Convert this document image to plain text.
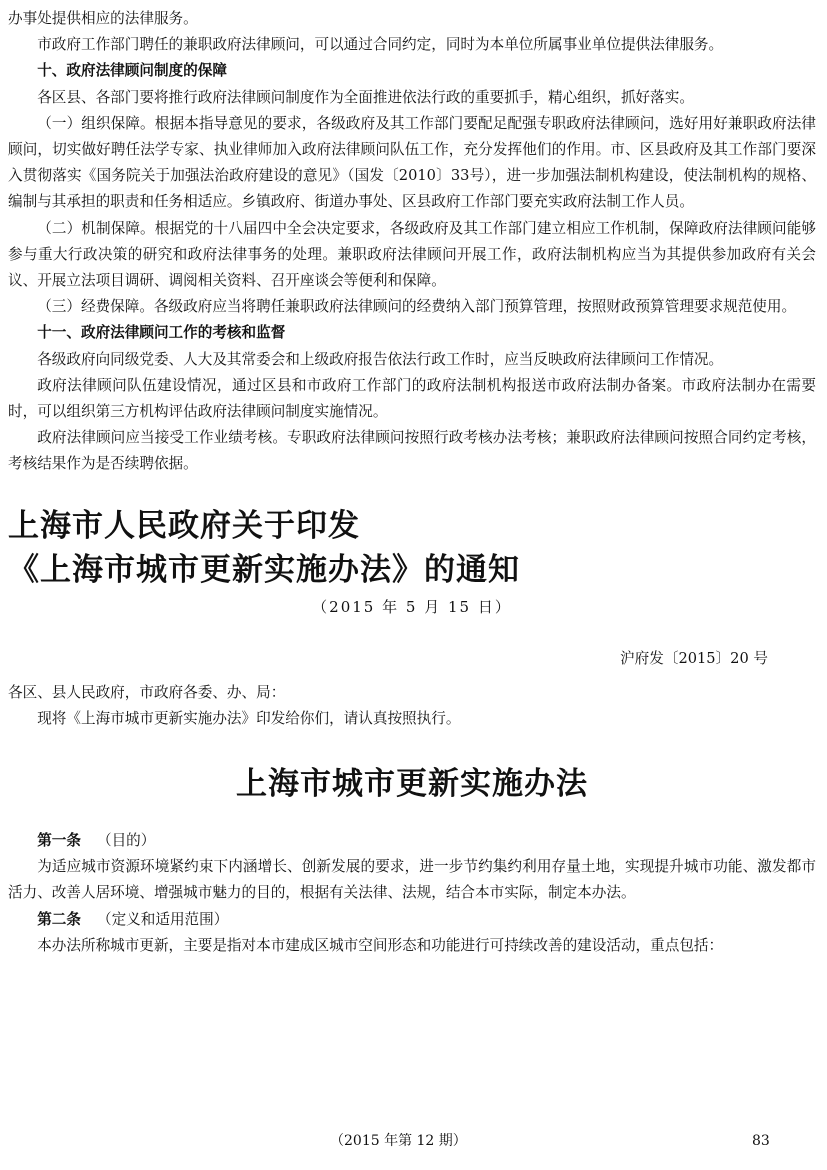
办事处提供相应的法律服务。

市政府工作部门聘任的兼职政府法律顾问，可以通过合同约定，同时为本单位所属事业单位提供法律服务。

十、政府法律顾问制度的保障

各区县、各部门要将推行政府法律顾问制度作为全面推进依法行政的重要抓手，精心组织，抓好落实。

（一）组织保障。根据本指导意见的要求，各级政府及其工作部门要配足配强专职政府法律顾问，选好用好兼职政府法律顾问，切实做好聘任法学专家、执业律师加入政府法律顾问队伍工作，充分发挥他们的作用。市、区县政府及其工作部门要深入贯彻落实《国务院关于加强法治政府建设的意见》（国发〔2010〕33号），进一步加强法制机构建设，使法制机构的规格、编制与其承担的职责和任务相适应。乡镇政府、街道办事处、区县政府工作部门要充实政府法制工作人员。

（二）机制保障。根据党的十八届四中全会决定要求，各级政府及其工作部门建立相应工作机制，保障政府法律顾问能够参与重大行政决策的研究和政府法律事务的处理。兼职政府法律顾问开展工作，政府法制机构应当为其提供参加政府有关会议、开展立法项目调研、调阅相关资料、召开座谈会等便利和保障。

（三）经费保障。各级政府应当将聘任兼职政府法律顾问的经费纳入部门预算管理，按照财政预算管理要求规范使用。

十一、政府法律顾问工作的考核和监督

各级政府向同级党委、人大及其常委会和上级政府报告依法行政工作时，应当反映政府法律顾问工作情况。

政府法律顾问队伍建设情况，通过区县和市政府工作部门的政府法制机构报送市政府法制办备案。市政府法制办在需要时，可以组织第三方机构评估政府法律顾问制度实施情况。

政府法律顾问应当接受工作业绩考核。专职政府法律顾问按照行政考核办法考核；兼职政府法律顾问按照合同约定考核，考核结果作为是否续聘依据。

上海市人民政府关于印发

《上海市城市更新实施办法》的通知

（2015 年 5 月 15 日）

沪府发〔2015〕20 号

各区、县人民政府，市政府各委、办、局：

现将《上海市城市更新实施办法》印发给你们，请认真按照执行。

上海市城市更新实施办法

第一条 （目的）

为适应城市资源环境紧约束下内涵增长、创新发展的要求，进一步节约集约利用存量土地，实现提升城市功能、激发都市活力、改善人居环境、增强城市魅力的目的，根据有关法律、法规，结合本市实际，制定本办法。

第二条 （定义和适用范围）

本办法所称城市更新，主要是指对本市建成区城市空间形态和功能进行可持续改善的建设活动，重点包括：

（2015 年第 12 期）	83
